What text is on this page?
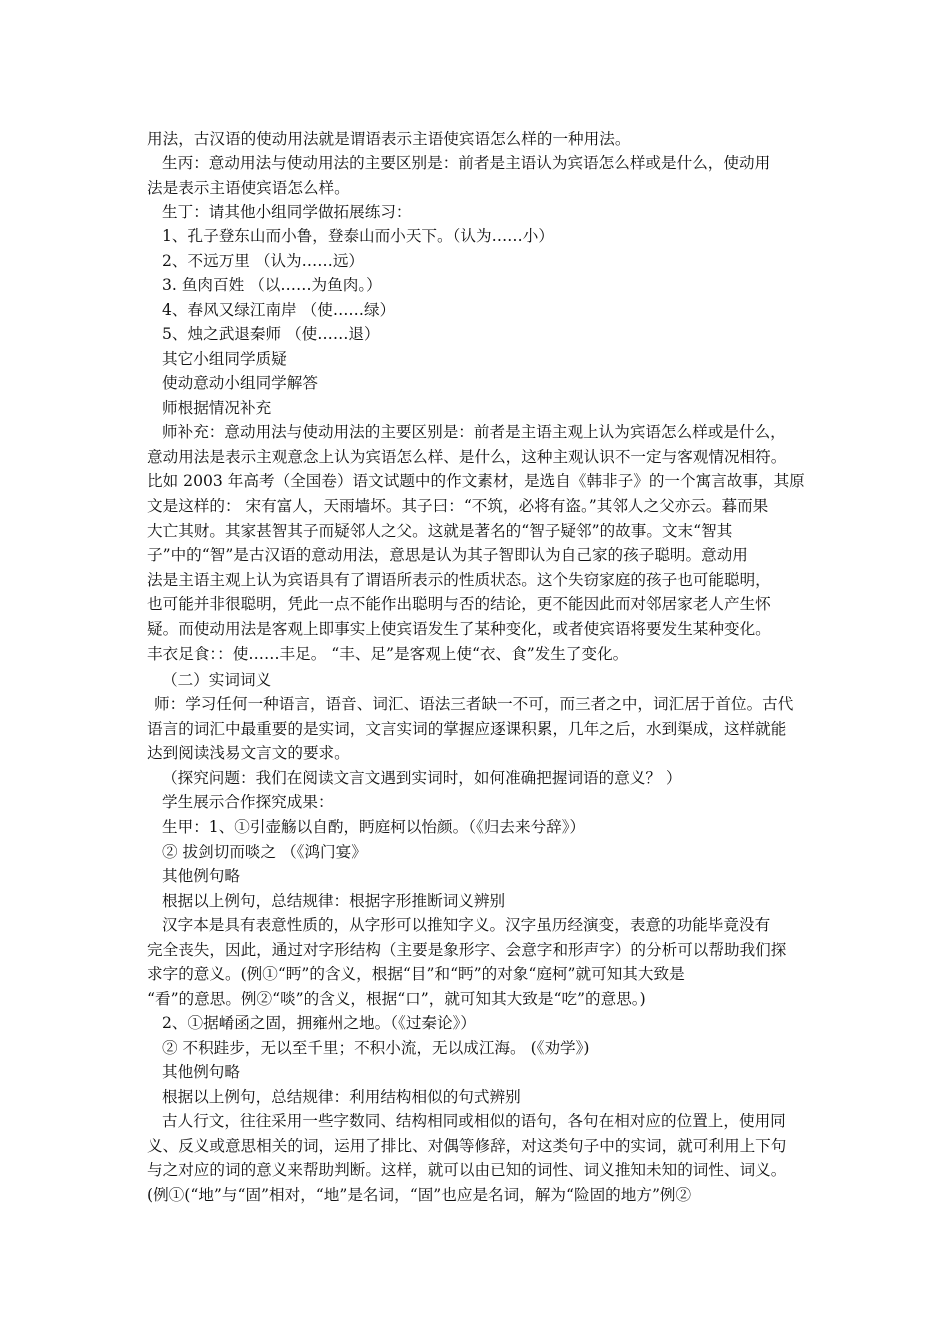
用法，古汉语的使动用法就是谓语表示主语使宾语怎么样的一种用法。
生丙：意动用法与使动用法的主要区别是：前者是主语认为宾语怎么样或是什么，使动用
法是表示主语使宾语怎么样。
生丁：请其他小组同学做拓展练习：
1、孔子登东山而小鲁，登泰山而小天下。（认为……小）
2、不远万里 （认为……远）
3. 鱼肉百姓 （以……为鱼肉。）
4、春风又绿江南岸 （使……绿）
5、烛之武退秦师 （使……退）
其它小组同学质疑
使动意动小组同学解答
师根据情况补充
师补充：意动用法与使动用法的主要区别是：前者是主语主观上认为宾语怎么样或是什么，
意动用法是表示主观意念上认为宾语怎么样、是什么，这种主观认识不一定与客观情况相符。
比如 2003 年高考（全国卷）语文试题中的作文素材，是选自《韩非子》的一个寓言故事，其原
文是这样的： 宋有富人，天雨墙坏。其子曰：“不筑，必将有盗。”其邻人之父亦云。暮而果
大亡其财。其家甚智其子而疑邻人之父。这就是著名的“智子疑邻”的故事。文末“智其
子”中的“智”是古汉语的意动用法，意思是认为其子智即认为自己家的孩子聪明。意动用
法是主语主观上认为宾语具有了谓语所表示的性质状态。这个失窃家庭的孩子也可能聪明，
也可能并非很聪明，凭此一点不能作出聪明与否的结论，更不能因此而对邻居家老人产生怀
疑。而使动用法是客观上即事实上使宾语发生了某种变化，或者使宾语将要发生某种变化。
丰衣足食：：使……丰足。 “丰、足”是客观上使“衣、食”发生了变化。
（二）实词词义
师：学习任何一种语言，语音、词汇、语法三者缺一不可，而三者之中，词汇居于首位。古代
语言的词汇中最重要的是实词，文言实词的掌握应逐课积累，几年之后，水到渠成，这样就能
达到阅读浅易文言文的要求。
（探究问题：我们在阅读文言文遇到实词时，如何准确把握词语的意义？ ）
学生展示合作探究成果：
生甲：1、①引壶觞以自酌，眄庭柯以怡颜。（《归去来兮辞》）
② 拔剑切而啖之 （《鸿门宴》
其他例句略
根据以上例句，总结规律：根据字形推断词义辨别
汉字本是具有表意性质的，从字形可以推知字义。汉字虽历经演变，表意的功能毕竟没有
完全丧失，因此，通过对字形结构（主要是象形字、会意字和形声字）的分析可以帮助我们探
求字的意义。(例①“眄”的含义，根据“目”和“眄”的对象“庭柯”就可知其大致是
“看”的意思。例②“啖”的含义，根据“口”，就可知其大致是“吃”的意思。)
2、①据崤函之固，拥雍州之地。（《过秦论》）
② 不积跬步，无以至千里；不积小流，无以成江海。 (《劝学》)
其他例句略
根据以上例句，总结规律：利用结构相似的句式辨别
古人行文，往往采用一些字数同、结构相同或相似的语句，各句在相对应的位置上，使用同
义、反义或意思相关的词，运用了排比、对偶等修辞，对这类句子中的实词，就可利用上下句
与之对应的词的意义来帮助判断。这样，就可以由已知的词性、词义推知未知的词性、词义。
(例①(“地”与“固”相对，“地”是名词，“固”也应是名词，解为“险固的地方”例②
